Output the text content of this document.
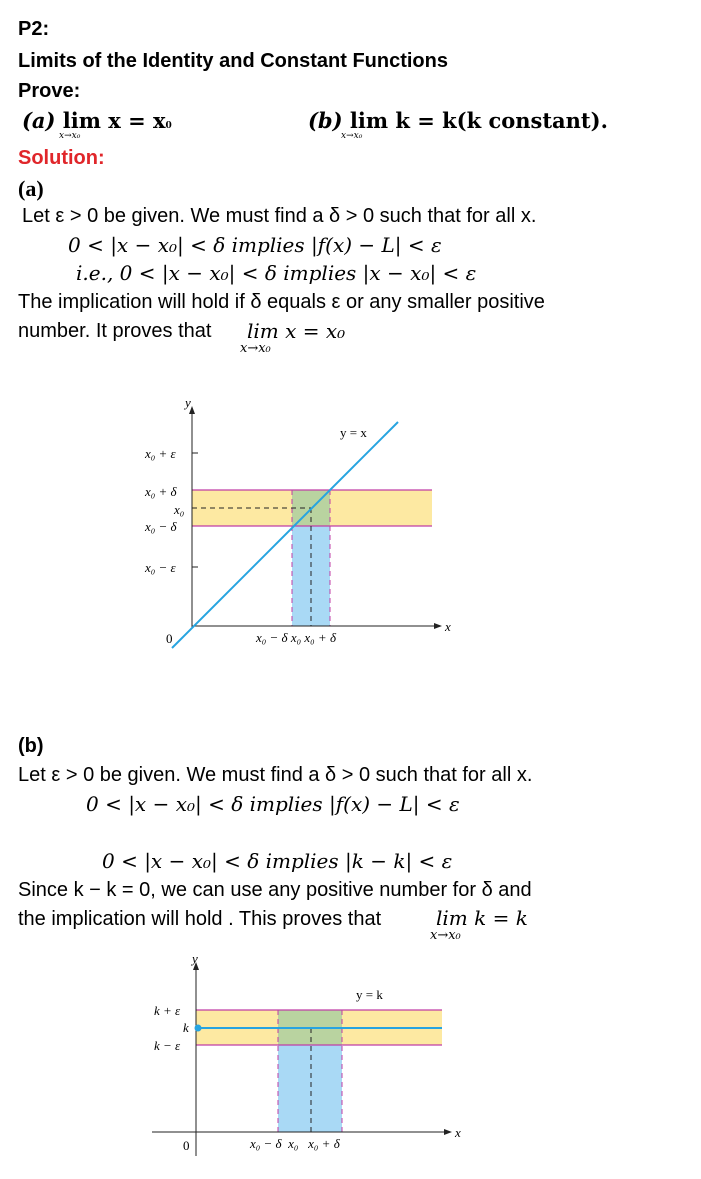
P2:
Limits of the Identity and Constant Functions
Prove:
(a) lim x = x0
x→x₀
(b) lim k = k(k constant).
x→x₀
Solution:
(a)
Let ε > 0 be given. We must find a δ > 0 such that for all x.
0 < |x − x₀| < δ implies |f(x) − L| < ε
i.e., 0 < |x − x₀| < δ implies |x − x₀| < ε
The implication will hold if δ equals ε or any smaller positive
number. It proves that lim x = x₀
x→x₀
y
x
0
y = x
x₀ + ε
x₀ + δ
x₀
x₀ − δ
x₀ − ε
x₀ − δ x₀ x₀ + δ
(b)
Let ε > 0 be given. We must find a δ > 0 such that for all x.
0 < |x − x₀| < δ implies |f(x) − L| < ε
0 < |x − x₀| < δ implies |k − k| < ε
Since k − k = 0, we can use any positive number for δ and
the implication will hold . This proves that	lim k = k
x→x₀
y
x
0
y = k
k + ε
k
k − ε
x₀ − δ  x₀   x₀ + δ
